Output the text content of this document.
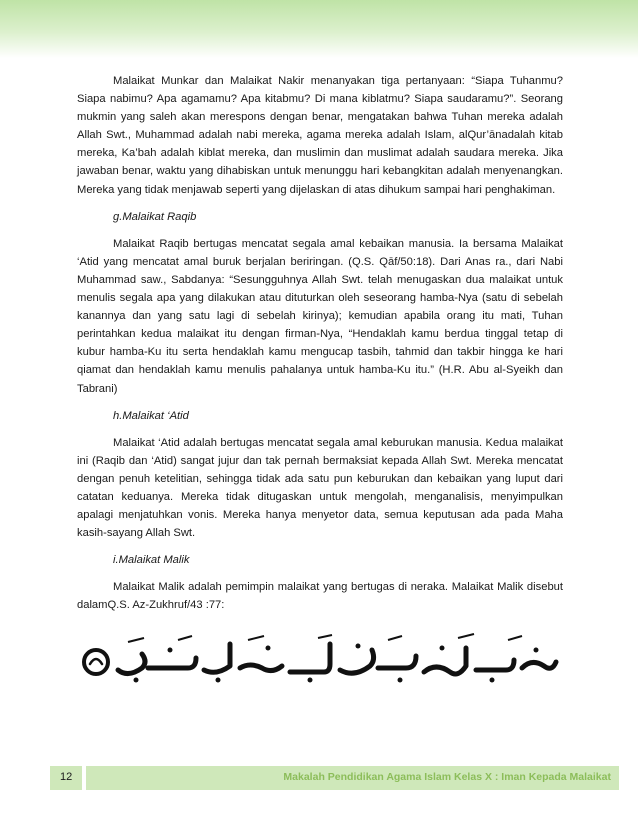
Malaikat Munkar dan Malaikat Nakir menanyakan tiga pertanyaan: “Siapa Tuhanmu? Siapa nabimu? Apa agamamu? Apa kitabmu? Di mana kiblatmu? Siapa saudaramu?”. Seorang mukmin yang saleh akan merespons dengan benar, mengatakan bahwa Tuhan mereka adalah Allah Swt., Muhammad adalah nabi mereka, agama mereka adalah Islam, alQur’ānadalah kitab mereka, Ka’bah adalah kiblat mereka, dan muslimin dan muslimat adalah saudara mereka. Jika jawaban benar, waktu yang dihabiskan untuk menunggu hari kebangkitan adalah menyenangkan. Mereka yang tidak menjawab seperti yang dijelaskan di atas dihukum sampai hari penghakiman.

g.Malaikat Raqib

Malaikat Raqib bertugas mencatat segala amal kebaikan manusia. Ia bersama Malaikat ‘Atid yang mencatat amal buruk berjalan beriringan. (Q.S. Qāf/50:18). Dari Anas ra., dari Nabi Muhammad saw., Sabdanya: “Sesungguhnya Allah Swt. telah menugaskan dua malaikat untuk menulis segala apa yang dilakukan atau dituturkan oleh seseorang hamba-Nya (satu di sebelah kanannya dan yang satu lagi di sebelah kirinya); kemudian apabila orang itu mati, Tuhan perintahkan kedua malaikat itu dengan firman-Nya, “Hendaklah kamu berdua tinggal tetap di kubur hamba-Ku itu serta hendaklah kamu mengucap tasbih, tahmid dan takbir hingga ke hari qiamat dan hendaklah kamu menulis pahalanya untuk hamba-Ku itu.” (H.R. Abu al-Syeikh dan Tabrani)

h.Malaikat ‘Atid

Malaikat ‘Atid adalah bertugas mencatat segala amal keburukan manusia. Kedua malaikat ini (Raqib dan ‘Atid) sangat jujur dan tak pernah bermaksiat kepada Allah Swt. Mereka mencatat dengan penuh ketelitian, sehingga tidak ada satu pun keburukan dan kebaikan yang luput dari catatan keduanya. Mereka tidak ditugaskan untuk mengolah, menganalisis, menyimpulkan apalagi menjatuhkan vonis. Mereka hanya menyetor data, semua keputusan ada pada Maha kasih-sayang Allah Swt.

i.Malaikat Malik

Malaikat Malik adalah pemimpin malaikat yang bertugas di neraka. Malaikat Malik disebut dalamQ.S. Az-Zukhruf/43 :77:

12	Makalah Pendidikan Agama Islam Kelas X : Iman Kepada Malaikat
